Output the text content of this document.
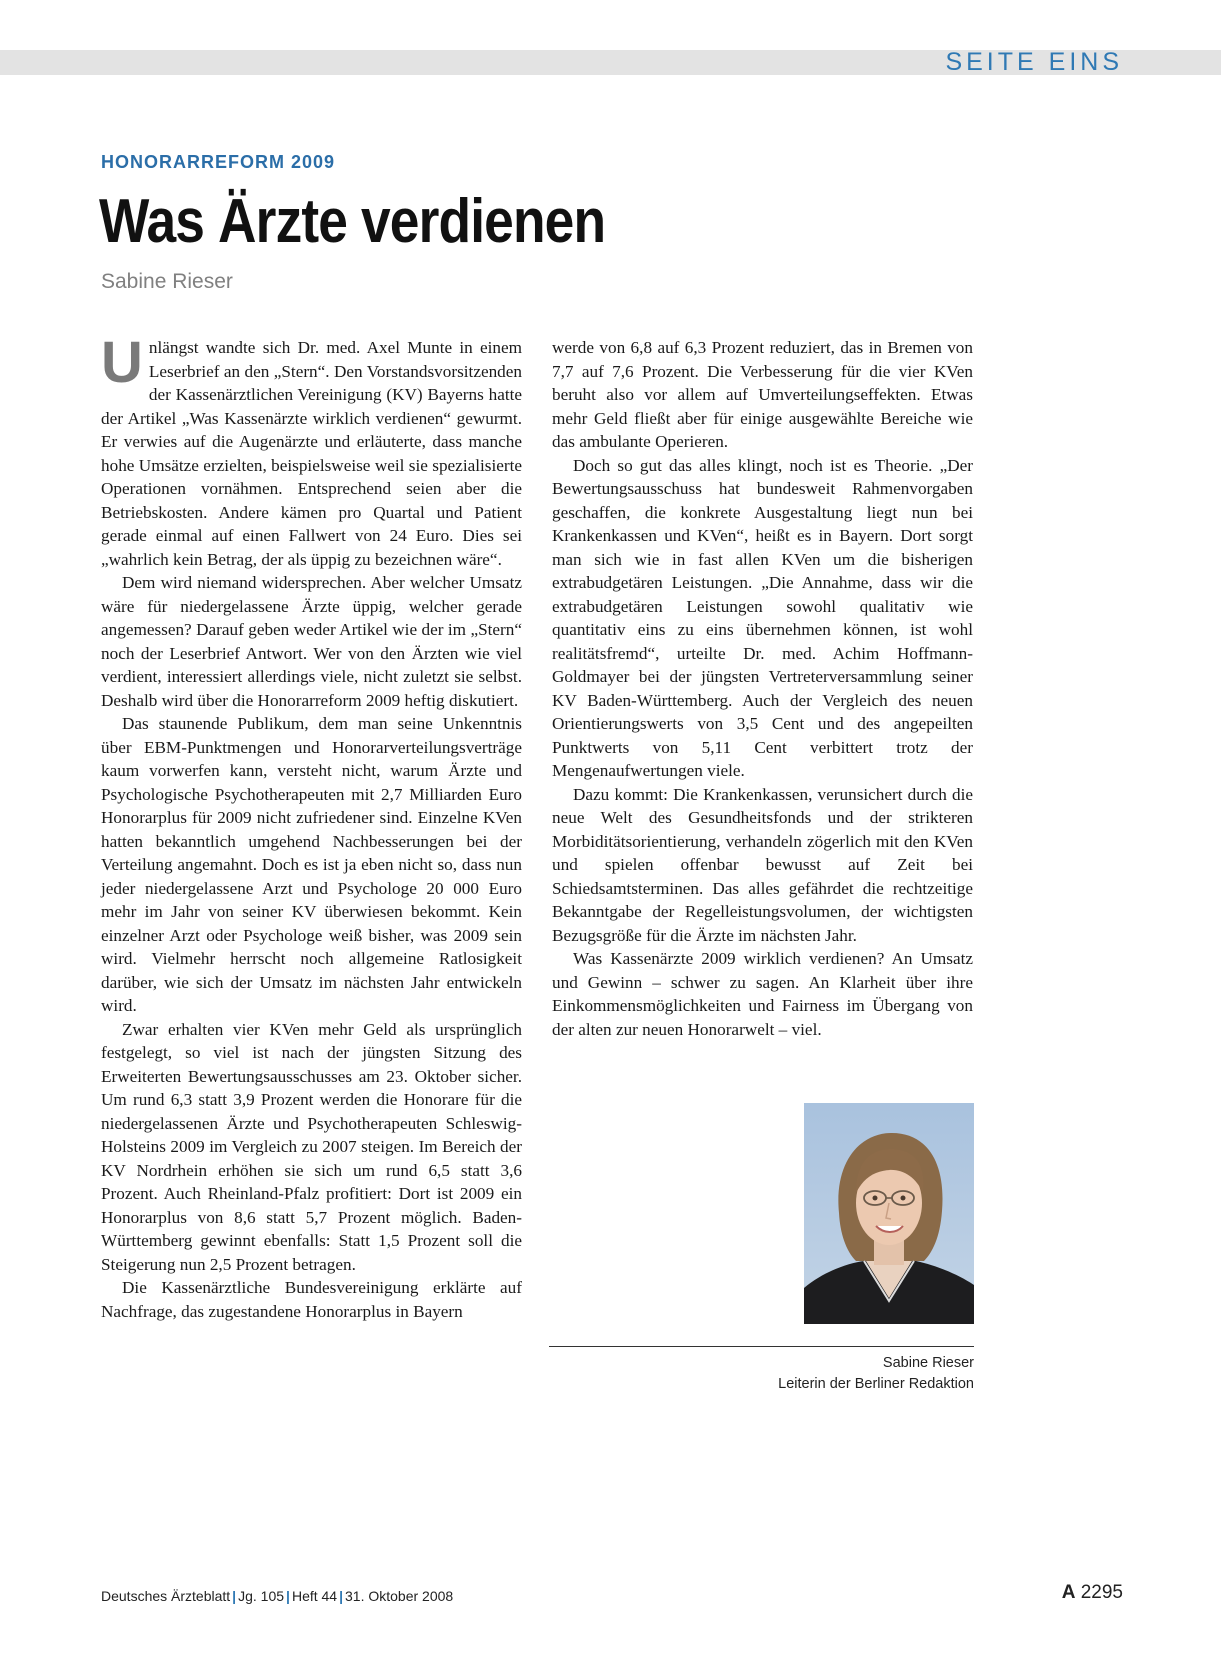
SEITE EINS
HONORARREFORM 2009
Was Ärzte verdienen
Sabine Rieser

Unlängst wandte sich Dr. med. Axel Munte in einem Leserbrief an den „Stern“. Den Vorstandsvorsitzenden der Kassenärztlichen Vereinigung (KV) Bayerns hatte der Artikel „Was Kassenärzte wirklich verdienen“ gewurmt. Er verwies auf die Augenärzte und erläuterte, dass manche hohe Umsätze erzielten, beispielsweise weil sie spezialisierte Operationen vornähmen. Entsprechend seien aber die Betriebskosten. Andere kämen pro Quartal und Patient gerade einmal auf einen Fallwert von 24 Euro. Dies sei „wahrlich kein Betrag, der als üppig zu bezeichnen wäre“.

Dem wird niemand widersprechen. Aber welcher Umsatz wäre für niedergelassene Ärzte üppig, welcher gerade angemessen? Darauf geben weder Artikel wie der im „Stern“ noch der Leserbrief Antwort. Wer von den Ärzten wie viel verdient, interessiert allerdings viele, nicht zuletzt sie selbst. Deshalb wird über die Honorarreform 2009 heftig diskutiert.

Das staunende Publikum, dem man seine Unkenntnis über EBM-Punktmengen und Honorarverteilungsverträge kaum vorwerfen kann, versteht nicht, warum Ärzte und Psychologische Psychotherapeuten mit 2,7 Milliarden Euro Honorarplus für 2009 nicht zufriedener sind. Einzelne KVen hatten bekanntlich umgehend Nachbesserungen bei der Verteilung angemahnt. Doch es ist ja eben nicht so, dass nun jeder niedergelassene Arzt und Psychologe 20 000 Euro mehr im Jahr von seiner KV überwiesen bekommt. Kein einzelner Arzt oder Psychologe weiß bisher, was 2009 sein wird. Vielmehr herrscht noch allgemeine Ratlosigkeit darüber, wie sich der Umsatz im nächsten Jahr entwickeln wird.

Zwar erhalten vier KVen mehr Geld als ursprünglich festgelegt, so viel ist nach der jüngsten Sitzung des Erweiterten Bewertungsausschusses am 23. Oktober sicher. Um rund 6,3 statt 3,9 Prozent werden die Honorare für die niedergelassenen Ärzte und Psychotherapeuten Schleswig-Holsteins 2009 im Vergleich zu 2007 steigen. Im Bereich der KV Nordrhein erhöhen sie sich um rund 6,5 statt 3,6 Prozent. Auch Rheinland-Pfalz profitiert: Dort ist 2009 ein Honorarplus von 8,6 statt 5,7 Prozent möglich. Baden-Württemberg gewinnt ebenfalls: Statt 1,5 Prozent soll die Steigerung nun 2,5 Prozent betragen.

Die Kassenärztliche Bundesvereinigung erklärte auf Nachfrage, das zugestandene Honorarplus in Bayern

werde von 6,8 auf 6,3 Prozent reduziert, das in Bremen von 7,7 auf 7,6 Prozent. Die Verbesserung für die vier KVen beruht also vor allem auf Umverteilungseffekten. Etwas mehr Geld fließt aber für einige ausgewählte Bereiche wie das ambulante Operieren.

Doch so gut das alles klingt, noch ist es Theorie. „Der Bewertungsausschuss hat bundesweit Rahmenvorgaben geschaffen, die konkrete Ausgestaltung liegt nun bei Krankenkassen und KVen“, heißt es in Bayern. Dort sorgt man sich wie in fast allen KVen um die bisherigen extrabudgetären Leistungen. „Die Annahme, dass wir die extrabudgetären Leistungen sowohl qualitativ wie quantitativ eins zu eins übernehmen können, ist wohl realitätsfremd“, urteilte Dr. med. Achim Hoffmann-Goldmayer bei der jüngsten Vertreterversammlung seiner KV Baden-Württemberg. Auch der Vergleich des neuen Orientierungswerts von 3,5 Cent und des angepeilten Punktwerts von 5,11 Cent verbittert trotz der Mengenaufwertungen viele.

Dazu kommt: Die Krankenkassen, verunsichert durch die neue Welt des Gesundheitsfonds und der strikteren Morbiditätsorientierung, verhandeln zögerlich mit den KVen und spielen offenbar bewusst auf Zeit bei Schiedsamtsterminen. Das alles gefährdet die rechtzeitige Bekanntgabe der Regelleistungsvolumen, der wichtigsten Bezugsgröße für die Ärzte im nächsten Jahr.

Was Kassenärzte 2009 wirklich verdienen? An Umsatz und Gewinn – schwer zu sagen. An Klarheit über ihre Einkommensmöglichkeiten und Fairness im Übergang von der alten zur neuen Honorarwelt – viel.

Sabine Rieser
Leiterin der Berliner Redaktion
Deutsches Ärzteblatt | Jg. 105 | Heft 44 | 31. Oktober 2008	A 2295
